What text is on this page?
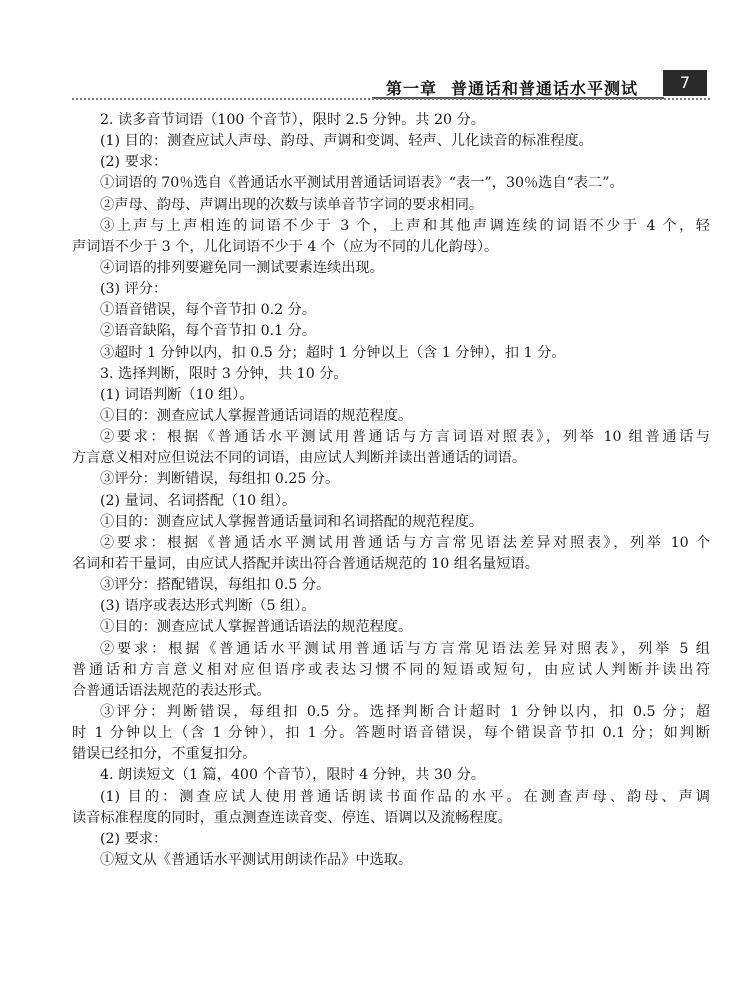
第一章 普通话和普通话水平测试	7
2. 读多音节词语（100 个音节），限时 2.5 分钟。共 20 分。
(1) 目的：测查应试人声母、韵母、声调和变调、轻声、儿化读音的标准程度。
(2) 要求：
①词语的 70％选自《普通话水平测试用普通话词语表》“表一”，30％选自“表二”。
②声母、韵母、声调出现的次数与读单音节字词的要求相同。
③上声与上声相连的词语不少于 3 个，上声和其他声调连续的词语不少于 4 个，轻
声词语不少于 3 个，儿化词语不少于 4 个（应为不同的儿化韵母）。
④词语的排列要避免同一测试要素连续出现。
(3) 评分：
①语音错误，每个音节扣 0.2 分。
②语音缺陷，每个音节扣 0.1 分。
③超时 1 分钟以内，扣 0.5 分；超时 1 分钟以上（含 1 分钟），扣 1 分。
3. 选择判断，限时 3 分钟，共 10 分。
(1) 词语判断（10 组）。
①目的：测查应试人掌握普通话词语的规范程度。
②要求：根据《普通话水平测试用普通话与方言词语对照表》，列举 10 组普通话与
方言意义相对应但说法不同的词语，由应试人判断并读出普通话的词语。
③评分：判断错误，每组扣 0.25 分。
(2) 量词、名词搭配（10 组）。
①目的：测查应试人掌握普通话量词和名词搭配的规范程度。
②要求：根据《普通话水平测试用普通话与方言常见语法差异对照表》，列举 10 个
名词和若干量词，由应试人搭配并读出符合普通话规范的 10 组名量短语。
③评分：搭配错误，每组扣 0.5 分。
(3) 语序或表达形式判断（5 组）。
①目的：测查应试人掌握普通话语法的规范程度。
②要求：根据《普通话水平测试用普通话与方言常见语法差异对照表》，列举 5 组
普通话和方言意义相对应但语序或表达习惯不同的短语或短句，由应试人判断并读出符
合普通话语法规范的表达形式。
③评分：判断错误，每组扣 0.5 分。选择判断合计超时 1 分钟以内，扣 0.5 分；超
时 1 分钟以上（含 1 分钟），扣 1 分。答题时语音错误，每个错误音节扣 0.1 分；如判断
错误已经扣分，不重复扣分。
4. 朗读短文（1 篇，400 个音节），限时 4 分钟，共 30 分。
(1) 目的：测查应试人使用普通话朗读书面作品的水平。在测查声母、韵母、声调
读音标准程度的同时，重点测查连读音变、停连、语调以及流畅程度。
(2) 要求：
①短文从《普通话水平测试用朗读作品》中选取。
